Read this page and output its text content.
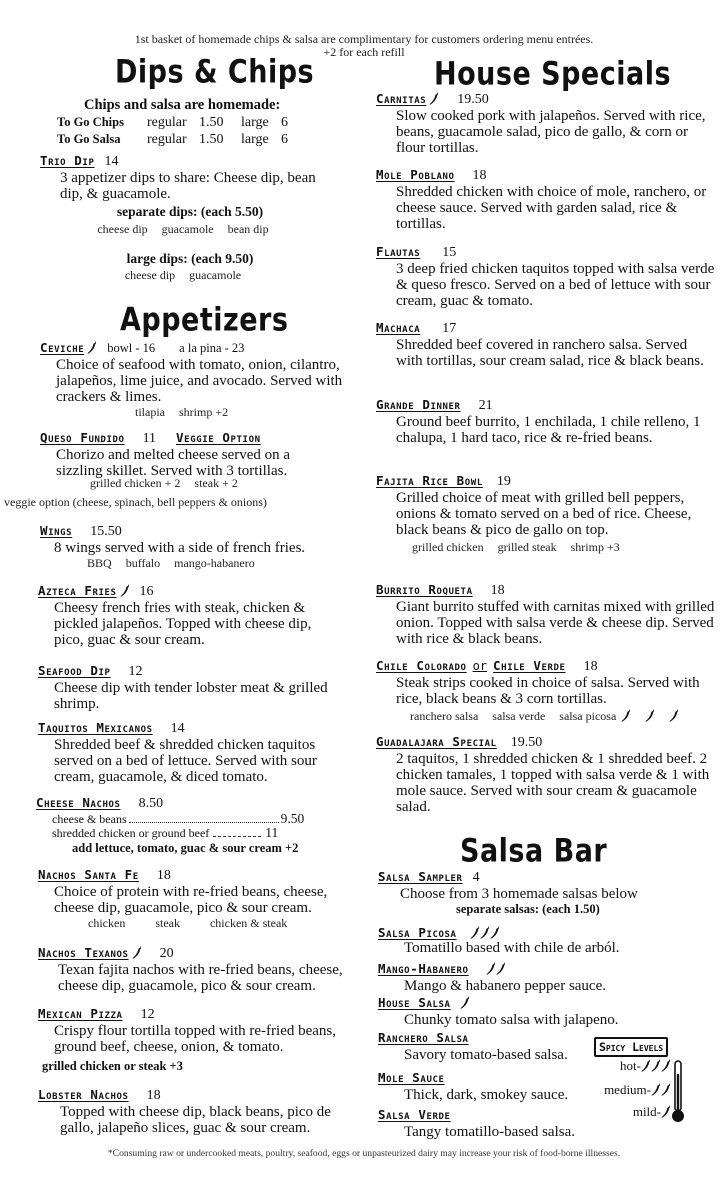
1st basket of homemade chips & salsa are complimentary for customers ordering menu entrées.
+2 for each refill
Dips & Chips
Chips and salsa are homemade:
To Go Chips regular 1.50 large 6
To Go Salsa regular 1.50 large 6
Trio Dip 14
3 appetizer dips to share: Cheese dip, bean dip, & guacamole.
separate dips: (each 5.50)
cheese dip guacamole bean dip
large dips: (each 9.50)
cheese dip guacamole
Appetizers
Ceviche bowl - 16 a la pina - 23
Choice of seafood with tomato, onion, cilantro, jalapeños, lime juice, and avocado. Served with crackers & limes.
tilapia shrimp +2
Queso Fundido 11 Veggie Option
Chorizo and melted cheese served on a sizzling skillet. Served with 3 tortillas.
grilled chicken + 2 steak + 2
veggie option (cheese, spinach, bell peppers & onions)
Wings 15.50
8 wings served with a side of french fries.
BBQ buffalo mango-habanero
Azteca Fries 16
Cheesy french fries with steak, chicken & pickled jalapeños. Topped with cheese dip, pico, guac & sour cream.
Seafood Dip 12
Cheese dip with tender lobster meat & grilled shrimp.
Taquitos Mexicanos 14
Shredded beef & shredded chicken taquitos served on a bed of lettuce. Served with sour cream, guacamole, & diced tomato.
Cheese Nachos 8.50
cheese & beans	9.50
shredded chicken or ground beef	11
add lettuce, tomato, guac & sour cream +2
Nachos Santa Fe 18
Choice of protein with re-fried beans, cheese, cheese dip, guacamole, pico & sour cream.
chicken	steak	chicken & steak
Nachos Texanos 20
Texan fajita nachos with re-fried beans, cheese, cheese dip, guacamole, pico & sour cream.
Mexican Pizza 12
Crispy flour tortilla topped with re-fried beans, ground beef, cheese, onion, & tomato.
grilled chicken or steak +3
Lobster Nachos 18
Topped with cheese dip, black beans, pico de gallo, jalapeño slices, guac & sour cream.
House Specials
Carnitas 19.50
Slow cooked pork with jalapeños. Served with rice, beans, guacamole salad, pico de gallo, & corn or flour tortillas.
Mole Poblano 18
Shredded chicken with choice of mole, ranchero, or cheese sauce. Served with garden salad, rice & tortillas.
Flautas 15
3 deep fried chicken taquitos topped with salsa verde & queso fresco. Served on a bed of lettuce with sour cream, guac & tomato.
Machaca 17
Shredded beef covered in ranchero salsa. Served with tortillas, sour cream salad, rice & black beans.
Grande Dinner 21
Ground beef burrito, 1 enchilada, 1 chile relleno, 1 chalupa, 1 hard taco, rice & re-fried beans.
Fajita Rice Bowl 19
Grilled choice of meat with grilled bell peppers, onions & tomato served on a bed of rice. Cheese, black beans & pico de gallo on top.
grilled chicken grilled steak shrimp +3
Burrito Roqueta 18
Giant burrito stuffed with carnitas mixed with grilled onion. Topped with salsa verde & cheese dip. Served with rice & black beans.
Chile Colorado or Chile Verde 18
Steak strips cooked in choice of salsa. Served with rice, black beans & 3 corn tortillas.
ranchero salsa salsa verde salsa picosa
Guadalajara Special 19.50
2 taquitos, 1 shredded chicken & 1 shredded beef. 2 chicken tamales, 1 topped with salsa verde & 1 with mole sauce. Served with sour cream & guacamole salad.
Salsa Bar
Salsa Sampler 4
Choose from 3 homemade salsas below
separate salsas: (each 1.50)
Salsa Picosa
Tomatillo based with chile de arból.
Mango-Habanero
Mango & habanero pepper sauce.
House Salsa
Chunky tomato salsa with jalapeno.
Ranchero Salsa
Savory tomato-based salsa.
Mole Sauce
Thick, dark, smokey sauce.
Salsa Verde
Tangy tomatillo-based salsa.
Spicy Levels
hot-
medium-
mild-
*Consuming raw or undercooked meats, poultry, seafood, eggs or unpasteurized dairy may increase your risk of food-borne illnesses.
